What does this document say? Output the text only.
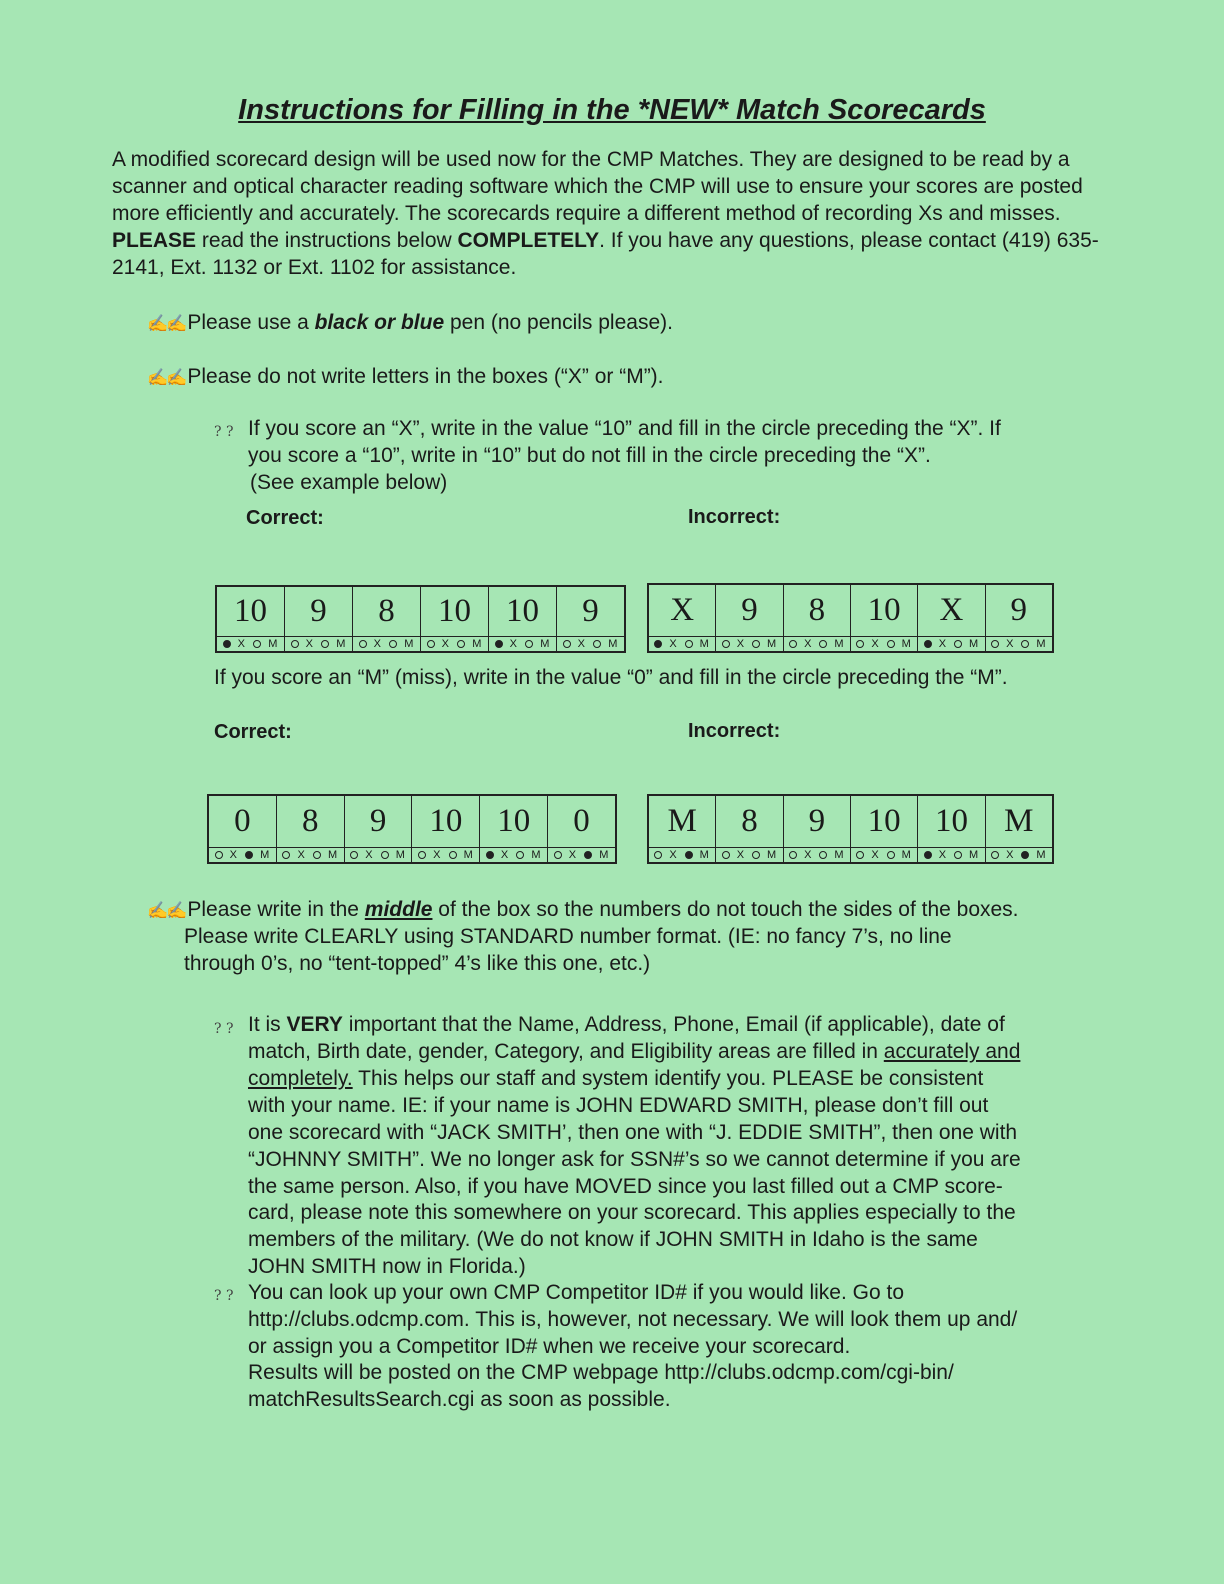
Instructions for Filling in the *NEW* Match Scorecards
A modified scorecard design will be used now for the CMP Matches. They are designed to be read by a scanner and optical character reading software which the CMP will use to ensure your scores are posted more efficiently and accurately. The scorecards require a different method of recording Xs and misses. PLEASE read the instructions below COMPLETELY. If you have any questions, please contact (419) 635-2141, Ext. 1132 or Ext. 1102 for assistance.
✍✍Please use a black or blue pen (no pencils please).
✍✍Please do not write letters in the boxes (“X” or “M”).
? ? If you score an “X”, write in the value “10” and fill in the circle preceding the “X”. If
you score a “10”, write in “10” but do not fill in the circle preceding the “X”.
(See example below)
Correct:	Incorrect:
10
X M
9
X M
8
X M
10
X M
10
X M
9
X M
X
X M
9
X M
8
X M
10
X M
X
X M
9
X M
If you score an “M” (miss), write in the value “0” and fill in the circle preceding the “M”.
Correct:	Incorrect:
0
X M
8
X M
9
X M
10
X M
10
X M
0
X M
M
X M
8
X M
9
X M
10
X M
10
X M
M
X M
✍✍Please write in the middle of the box so the numbers do not touch the sides of the boxes.
Please write CLEARLY using STANDARD number format. (IE: no fancy 7’s, no line
through 0’s, no “tent-topped” 4’s like this one, etc.)
? ? It is VERY important that the Name, Address, Phone, Email (if applicable), date of
match, Birth date, gender, Category, and Eligibility areas are filled in accurately and
completely. This helps our staff and system identify you. PLEASE be consistent
with your name. IE: if your name is JOHN EDWARD SMITH, please don’t fill out
one scorecard with “JACK SMITH’, then one with “J. EDDIE SMITH”, then one with
“JOHNNY SMITH”. We no longer ask for SSN#’s so we cannot determine if you are
the same person. Also, if you have MOVED since you last filled out a CMP score-
card, please note this somewhere on your scorecard. This applies especially to the
members of the military. (We do not know if JOHN SMITH in Idaho is the same
JOHN SMITH now in Florida.)
? ? You can look up your own CMP Competitor ID# if you would like. Go to
http://clubs.odcmp.com. This is, however, not necessary. We will look them up and/
or assign you a Competitor ID# when we receive your scorecard.
Results will be posted on the CMP webpage http://clubs.odcmp.com/cgi-bin/
matchResultsSearch.cgi as soon as possible.
